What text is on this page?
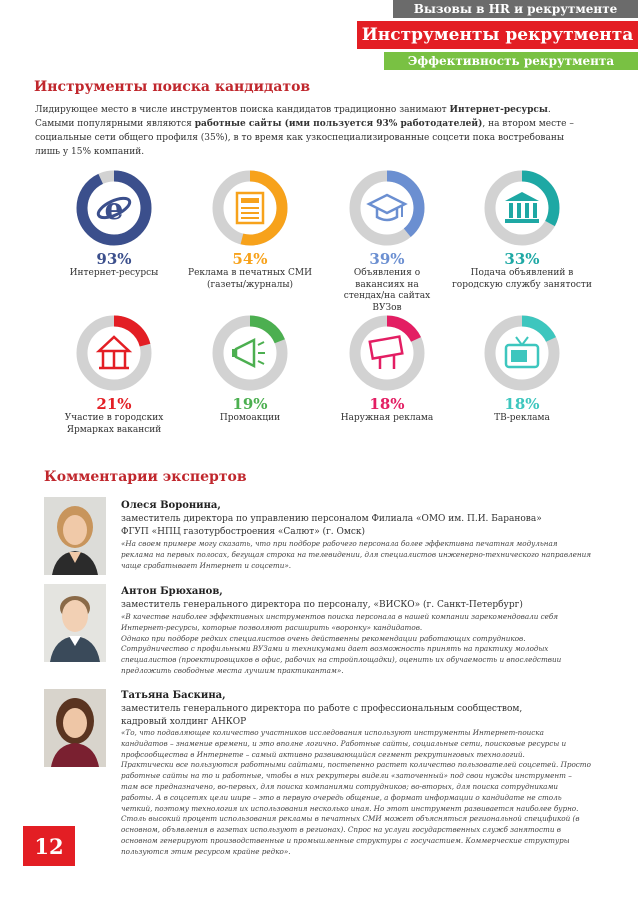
Вызовы в HR и рекрутменте
Инструменты рекрутмента
Эффективность рекрутмента
Инструменты поиска кандидатов
Лидирующее место в числе инструментов поиска кандидатов традиционно занимают Интернет-ресурсы. Самыми популярными являются работные сайты (ими пользуется 93% работодателей), на втором месте – социальные сети общего профиля (35%), в то время как узкоспециализированные соцсети пока востребованы лишь у 15% компаний.
e
93%
Интернет-ресурсы
54%
Реклама в печатных СМИ (газеты/журналы)
39%
Объявления о вакансиях на стендах/на сайтах ВУЗов
33%
Подача объявлений в городскую службу занятости
21%
Участие в городских Ярмарках вакансий
19%
Промоакции
18%
Наружная реклама
18%
ТВ-реклама
Комментарии экспертов
Олеся Воронина,
заместитель директора по управлению персоналом Филиала «ОМО им. П.И. Баранова»
ФГУП «НПЦ газотурбостроения «Салют» (г. Омск)

«На своем примере могу сказать, что при подборе рабочего персонала более эффективна печатная модульная реклама на первых полосах, бегущая строка на телевидении, для специалистов инженерно-технического направления чаще срабатывает Интернет и соцсети».

Антон Брюханов,
заместитель генерального директора по персоналу, «ВИСКО» (г. Санкт-Петербург)

«В качестве наиболее эффективных инструментов поиска персонала в нашей компании зарекомендовали себя Интернет-ресурсы, которые позволяют расширить «воронку» кандидатов.

Однако при подборе редких специалистов очень действенны рекомендации работающих сотрудников. Сотрудничество с профильными ВУЗами и техникумами дает возможность принять на практику молодых специалистов (проектировщиков в офис, рабочих на стройплощадки), оценить их обучаемость и впоследствии предложить свободные места лучшим практикантам».

Татьяна Баскина,
заместитель генерального директора по работе с профессиональным сообществом,
кадровый холдинг АНКОР

«То, что подавляющее количество участников исследования используют инструменты Интернет-поиска кандидатов – знамение времени, и это вполне логично. Работные сайты, социальные сети, поисковые ресурсы и профсообщества в Интернете – самый активно развивающийся сегмент рекрутинговых технологий.

Практически все пользуются работными сайтами, постепенно растет количество пользователей соцсетей. Просто работные сайты на то и работные, чтобы в них рекрутеры видели «заточенный» под свои нужды инструмент – там все предназначено, во-первых, для поиска компаниями сотрудников; во-вторых, для поиска сотрудниками работы. А в соцсетях цели шире – это в первую очередь общение, а формат информации о кандидате не столь четкий, поэтому технология их использования несколько иная. Но этот инструмент развивается наиболее бурно.

Столь высокий процент использования рекламы в печатных СМИ может объясняться региональной спецификой (в основном, объявления в газетах используют в регионах). Спрос на услуги государственных служб занятости в основном генерируют производственные и промышленные структуры с госучастием. Коммерческие структуры пользуются этим ресурсом крайне редко».

12
